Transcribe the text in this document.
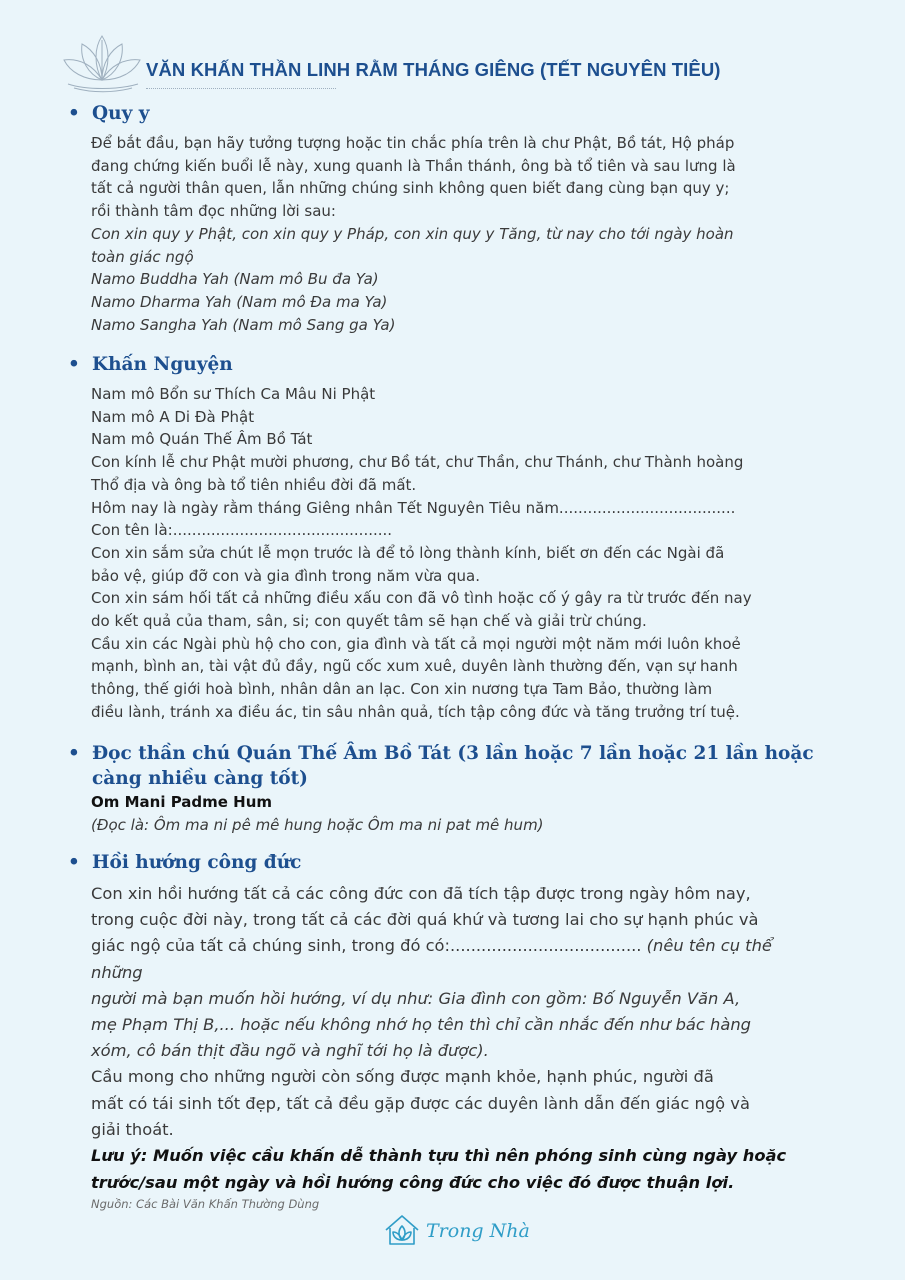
VĂN KHẤN THẦN LINH RẰM THÁNG GIÊNG (TẾT NGUYÊN TIÊU)
• Quy y

Để bắt đầu, bạn hãy tưởng tượng hoặc tin chắc phía trên là chư Phật, Bồ tát, Hộ pháp

đang chứng kiến buổi lễ này, xung quanh là Thần thánh, ông bà tổ tiên và sau lưng là

tất cả người thân quen, lẫn những chúng sinh không quen biết đang cùng bạn quy y;

rồi thành tâm đọc những lời sau:

Con xin quy y Phật, con xin quy y Pháp, con xin quy y Tăng, từ nay cho tới ngày hoàn

toàn giác ngộ

Namo Buddha Yah (Nam mô Bu đa Ya)

Namo Dharma Yah (Nam mô Đa ma Ya)

Namo Sangha Yah (Nam mô Sang ga Ya)

• Khấn Nguyện

Nam mô Bổn sư Thích Ca Mâu Ni Phật

Nam mô A Di Đà Phật

Nam mô Quán Thế Âm Bồ Tát

Con kính lễ chư Phật mười phương, chư Bồ tát, chư Thần, chư Thánh, chư Thành hoàng

Thổ địa và ông bà tổ tiên nhiều đời đã mất.

Hôm nay là ngày rằm tháng Giêng nhân Tết Nguyên Tiêu năm.....................................

Con tên là:..............................................

Con xin sắm sửa chút lễ mọn trước là để tỏ lòng thành kính, biết ơn đến các Ngài đã

bảo vệ, giúp đỡ con và gia đình trong năm vừa qua.

Con xin sám hối tất cả những điều xấu con đã vô tình hoặc cố ý gây ra từ trước đến nay

do kết quả của tham, sân, si; con quyết tâm sẽ hạn chế và giải trừ chúng.

Cầu xin các Ngài phù hộ cho con, gia đình và tất cả mọi người một năm mới luôn khoẻ

mạnh, bình an, tài vật đủ đầy, ngũ cốc xum xuê, duyên lành thường đến, vạn sự hanh

thông, thế giới hoà bình, nhân dân an lạc. Con xin nương tựa Tam Bảo, thường làm

điều lành, tránh xa điều ác, tin sâu nhân quả, tích tập công đức và tăng trưởng trí tuệ.

• Đọc thần chú Quán Thế Âm Bồ Tát (3 lần hoặc 7 lần hoặc 21 lần hoặc
càng nhiều càng tốt)

Om Mani Padme Hum

(Đọc là: Ôm ma ni pê mê hung hoặc Ôm ma ni pat mê hum)

• Hồi hướng công đức

Con xin hồi hướng tất cả các công đức con đã tích tập được trong ngày hôm nay,

trong cuộc đời này, trong tất cả các đời quá khứ và tương lai cho sự hạnh phúc và

giác ngộ của tất cả chúng sinh, trong đó có:..................................... (nêu tên cụ thể những

người mà bạn muốn hồi hướng, ví dụ như: Gia đình con gồm: Bố Nguyễn Văn A,

mẹ Phạm Thị B,... hoặc nếu không nhớ họ tên thì chỉ cần nhắc đến như bác hàng

xóm, cô bán thịt đầu ngõ và nghĩ tới họ là được).

Cầu mong cho những người còn sống được mạnh khỏe, hạnh phúc, người đã

mất có tái sinh tốt đẹp, tất cả đều gặp được các duyên lành dẫn đến giác ngộ và

giải thoát.

Lưu ý: Muốn việc cầu khấn dễ thành tựu thì nên phóng sinh cùng ngày hoặc
trước/sau một ngày và hồi hướng công đức cho việc đó được thuận lợi.
Nguồn: Các Bài Văn Khấn Thường Dùng
Trong Nhà
